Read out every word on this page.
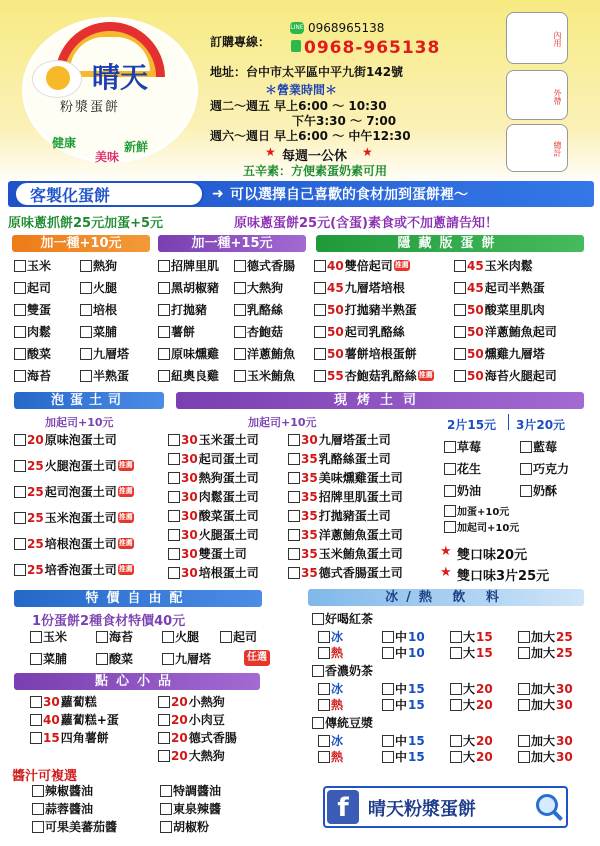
晴天
粉漿蛋餅
健康
美味
新鮮
訂購專線：
LINE 0968965138
0968-965138
地址：台中市太平區中平九街142號
＊營業時間＊
週二～週五 早上6:00 ～ 10:30
下午3:30 ～ 7:00
週六～週日 早上6:00 ～ 中午12:30
★ 每週一公休 ★
五辛素：方便素蛋奶素可用
內用
外帶
總計
客製化蛋餅	➜ 可以選擇自己喜歡的食材加到蛋餅裡～
原味蔥抓餅25元加蛋+5元	原味蔥蛋餅25元(含蛋)素食或不加蔥請告知！
加一種+10元	加一種+15元	隱藏版蛋餅
玉米	熱狗
起司	火腿
雙蛋	培根
肉鬆	菜脯
酸菜	九層塔
海苔	半熟蛋
招牌里肌 德式香腸
黑胡椒豬 大熱狗
打拋豬	乳酪絲
薯餅	杏鮑菇
原味燻雞 洋蔥鮪魚
紐奧良雞 玉米鮪魚
40 雙倍起司 推薦	45 玉米肉鬆
45 九層塔培根	45 起司半熟蛋
50 打拋豬半熟蛋	50 酸菜里肌肉
50 起司乳酪絲	50 洋蔥鮪魚起司
50 薯餅培根蛋餅	50 燻雞九層塔
55 杏鮑菇乳酪絲 推薦	50 海苔火腿起司
泡蛋土司	現烤土司
加起司+10元	加起司+10元
20 原味泡蛋土司
25 火腿泡蛋土司 推薦
25 起司泡蛋土司 推薦
25 玉米泡蛋土司 推薦
25 培根泡蛋土司 推薦
25 培香泡蛋土司 推薦
30 玉米蛋土司
30 起司蛋土司
30 熱狗蛋土司
30 肉鬆蛋土司
30 酸菜蛋土司
30 火腿蛋土司
30 雙蛋土司
30 培根蛋土司
30 九層塔蛋土司
35 乳酪絲蛋土司
35 美味燻雞蛋土司
35 招牌里肌蛋土司
35 打拋豬蛋土司
35 洋蔥鮪魚蛋土司
35 玉米鮪魚蛋土司
35 德式香腸蛋土司
2片15元 3片20元
草莓	藍莓
花生	巧克力
奶油	奶酥
加蛋+10元
加起司+10元
★ 雙口味20元
★ 雙口味3片25元
特價自由配
1份蛋餅2種食材特價40元
玉米	海苔	火腿	起司
菜脯	酸菜	九層塔	任選
點心小品
30 蘿蔔糕	20 小熱狗
40 蘿蔔糕+蛋	20 小肉豆
15 四角薯餅	20 德式香腸
20 大熱狗
醬汁可複選
辣椒醬油	特調醬油
蒜蓉醬油	東泉辣醬
可果美蕃茄醬	胡椒粉
冰/熱 飲 料
好喝紅茶
冰	中 10	大 15	加大 25
熱	中 10	大 15	加大 25
香濃奶茶
冰	中 15	大 20	加大 30
熱	中 15	大 20	加大 30
傳統豆漿
冰	中 15	大 20	加大 30
熱	中 15	大 20	加大 30
f	晴天粉漿蛋餅
